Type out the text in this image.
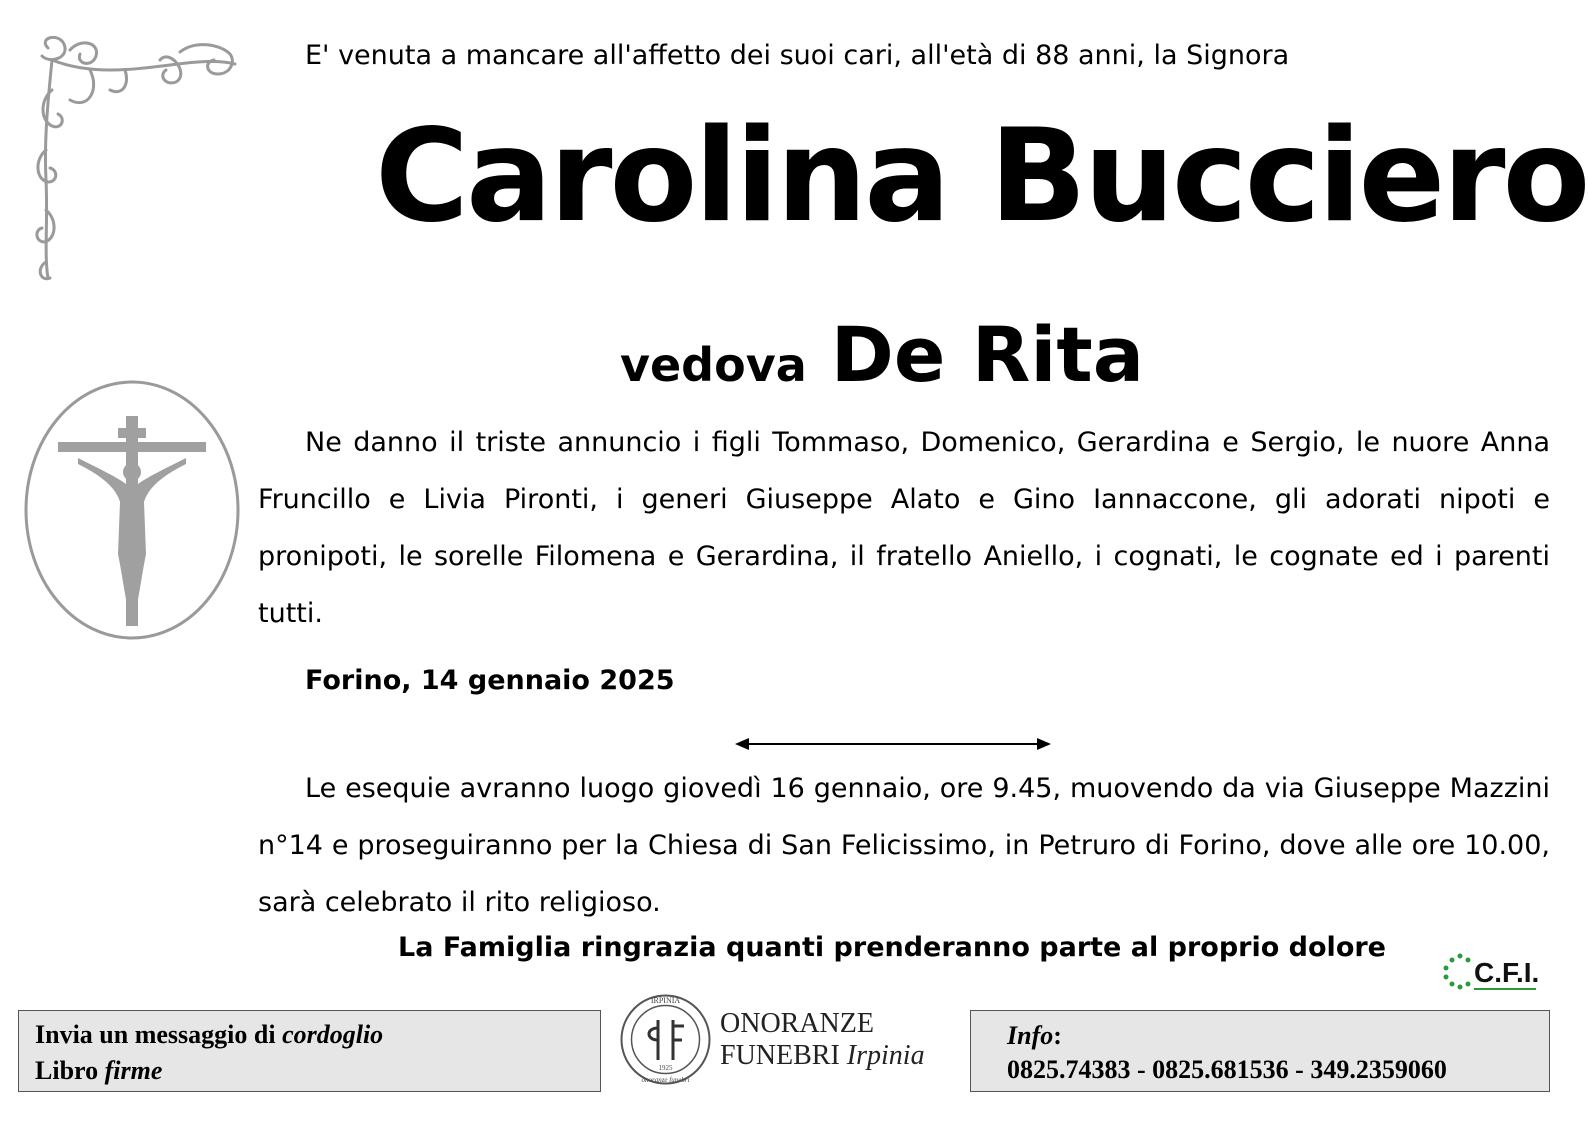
E' venuta a mancare all'affetto dei suoi cari, all'età di 88 anni, la Signora
Carolina Bucciero
vedova De Rita
Ne danno il triste annuncio i figli Tommaso, Domenico, Gerardina e Sergio, le nuore Anna Fruncillo e Livia Pironti, i generi Giuseppe Alato e Gino Iannaccone, gli adorati nipoti e pronipoti, le sorelle Filomena e Gerardina, il fratello Aniello, i cognati, le cognate ed i parenti tutti.
Forino, 14 gennaio 2025
Le esequie avranno luogo giovedì 16 gennaio, ore 9.45, muovendo da via Giuseppe Mazzini n°14 e proseguiranno per la Chiesa di San Felicissimo, in Petruro di Forino, dove alle ore 10.00, sarà celebrato il rito religioso.
La Famiglia ringrazia quanti prenderanno parte al proprio dolore
C.F.I.
Invia un messaggio di cordoglio
Libro firme
IRPINIA
onoranze funebri
1925
ONORANZE
FUNEBRI Irpinia
Info:
0825.74383 - 0825.681536 - 349.2359060
